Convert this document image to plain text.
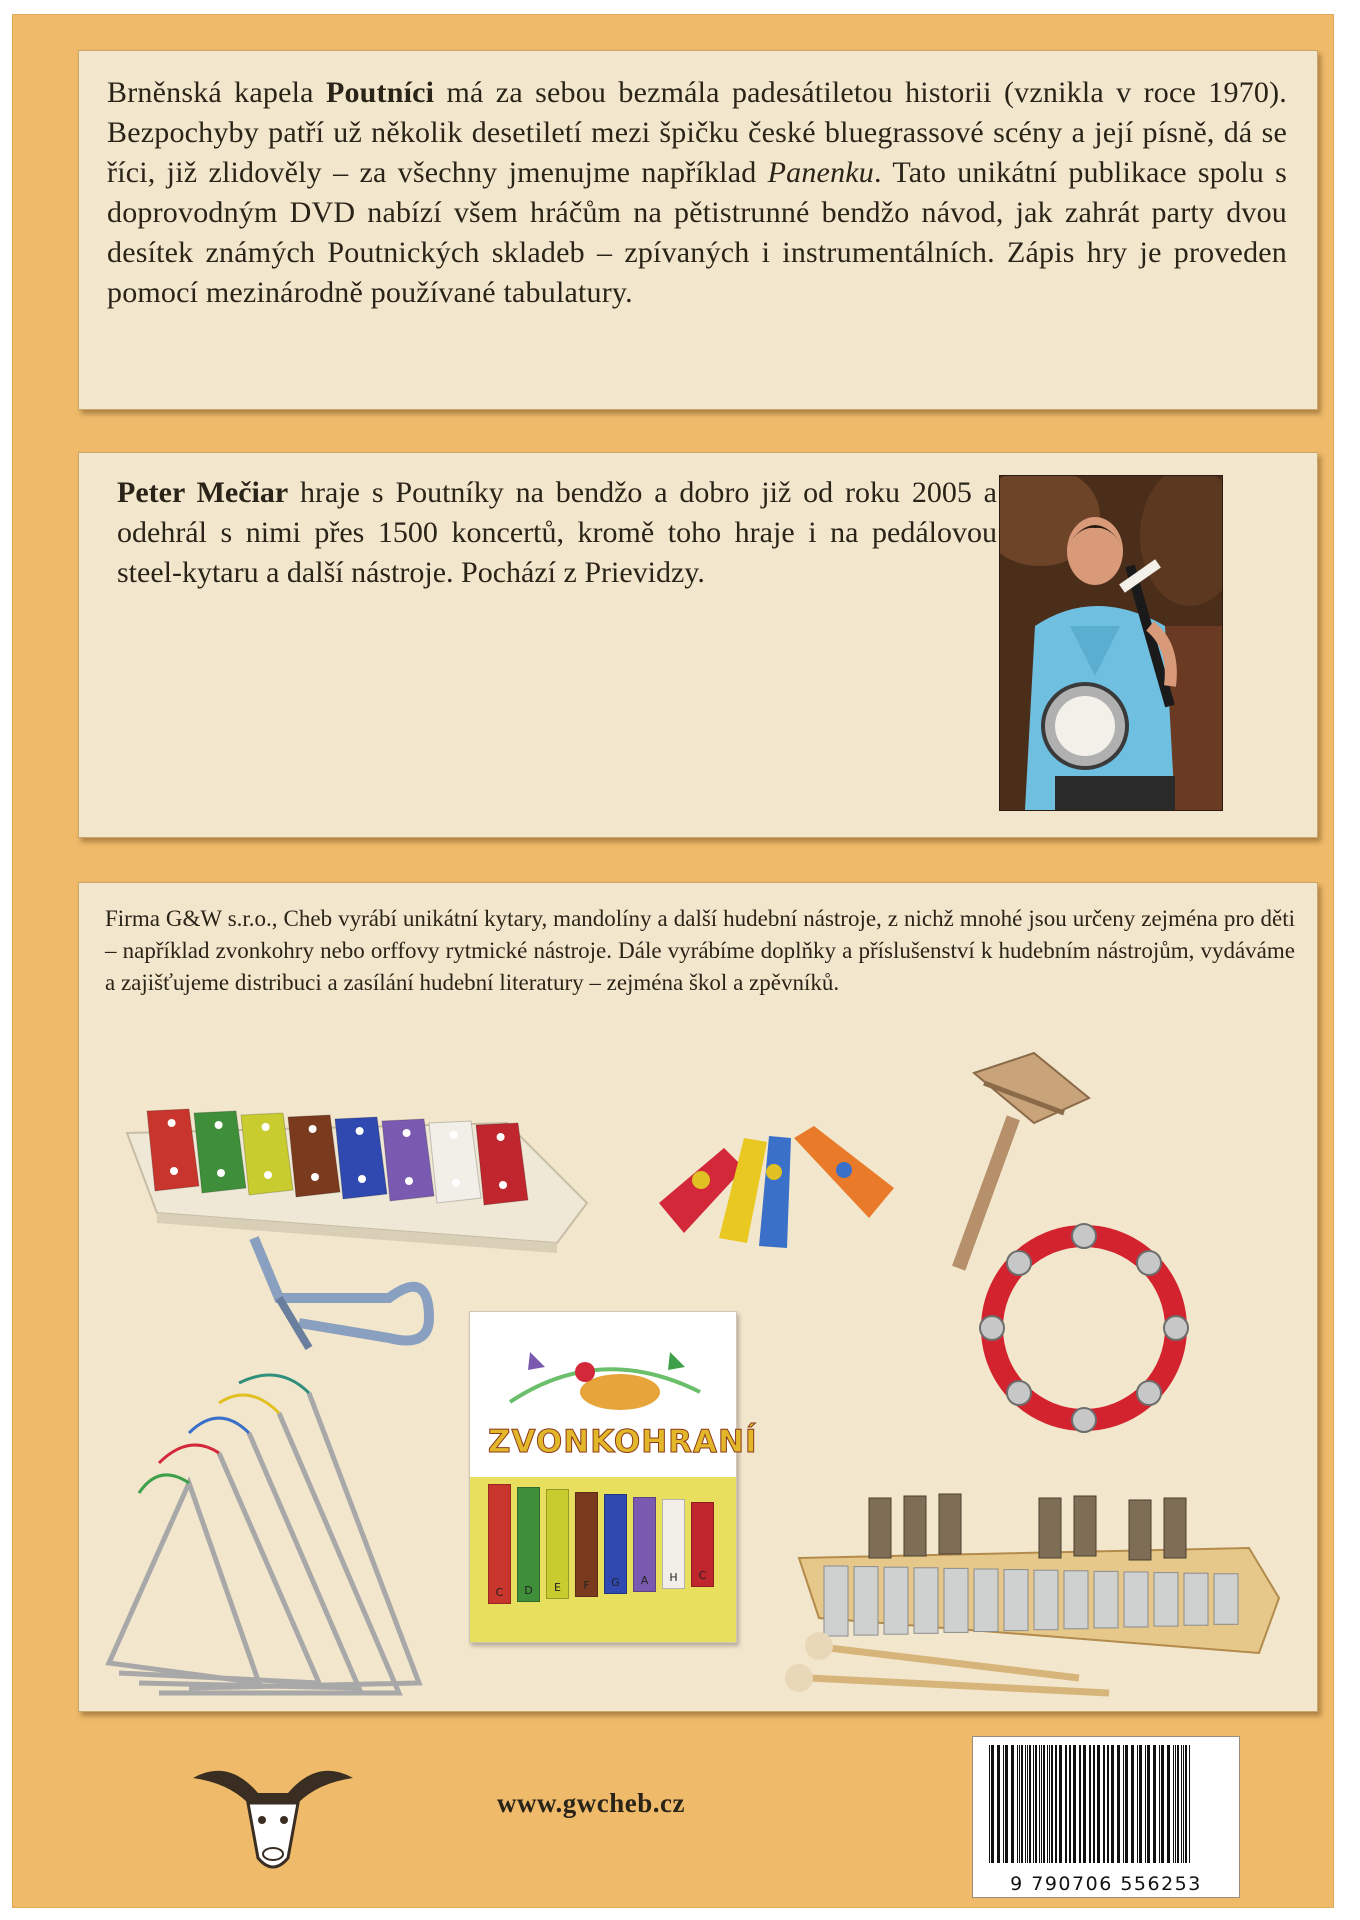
Brněnská kapela Poutníci má za sebou bezmála padesátiletou historii (vznikla v roce 1970). Bezpochyby patří už několik desetiletí mezi špičku české bluegrassové scény a její písně, dá se říci, již zlidověly – za všechny jmenujme například Panenku. Tato unikátní publikace spolu s doprovodným DVD nabízí všem hráčům na pětistrunné bendžo návod, jak zahrát party dvou desítek známých Poutnických skladeb – zpívaných i instrumentálních. Zápis hry je proveden pomocí mezinárodně používané tabulatury.

Peter Mečiar hraje s Poutníky na bendžo a dobro již od roku 2005 a odehrál s nimi přes 1500 koncertů, kromě toho hraje i na pedálovou steel-kytaru a další nástroje. Pochází z Prievidzy.

Firma G&W s.r.o., Cheb vyrábí unikátní kytary, mandolíny a další hudební nástroje, z nichž mnohé jsou určeny zejména pro děti – například zvonkohry nebo orffovy rytmické nástroje. Dále vyrábíme doplňky a příslušenství k hudebním nástrojům, vydáváme a zajišťujeme distribuci a zasílání hudební literatury – zejména škol a zpěvníků.

ZVONKOHRANÍ
C	D	E	F	G	A	H	C
www.gwcheb.cz
9 790706 556253
